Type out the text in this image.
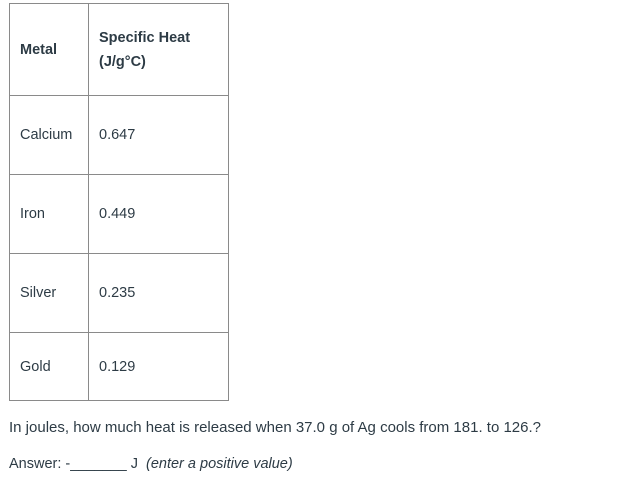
Metal	Specific Heat
(J/g°C)
Calcium	0.647
Iron	0.449
Silver	0.235
Gold	0.129
In joules, how much heat is released when 37.0 g of Ag cools from 181. to 126.?
Answer: -_______ J (enter a positive value)
